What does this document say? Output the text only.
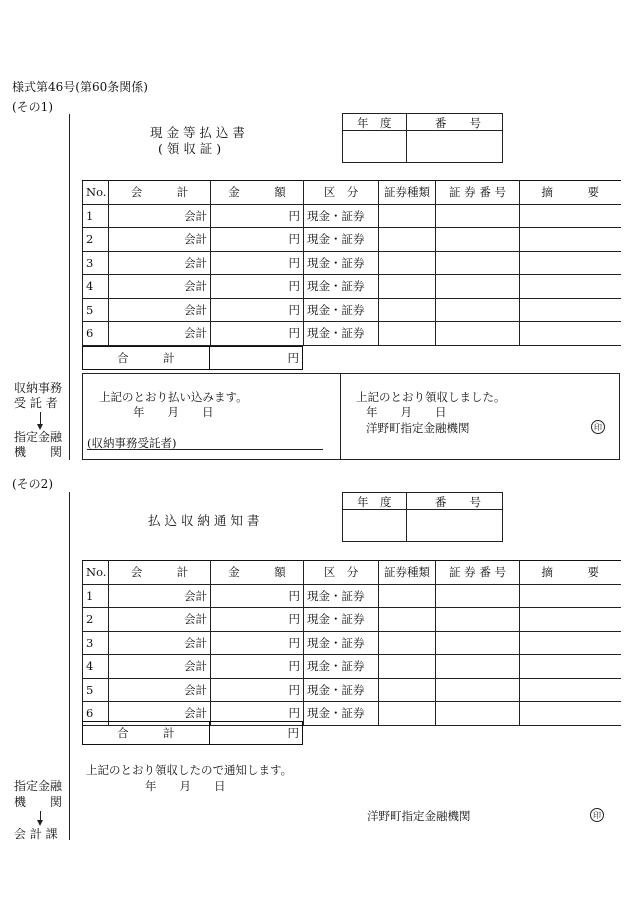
様式第46号(第60条関係)
(その1)
現 金 等 払 込 書
( 領 収 証 )
年　度	番　　号
No.	会　　　計	金　　　額	区　分	証券種類	証 券 番 号	摘　　　要
1	会計	円	現金・証券			
2	会計	円	現金・証券			
3	会計	円	現金・証券			
4	会計	円	現金・証券			
5	会計	円	現金・証券			
6	会計	円	現金・証券			
合　　　計	円
収納事務
受 託 者
指定金融
機　　関
上記のとおり払い込みます。
年　　月　　日
(収納事務受託者)
上記のとおり領収しました。
年　　月　　日
洋野町指定金融機関	印
(その2)
払 込 収 納 通 知 書
年　度	番　　号
No.	会　　　計	金　　　額	区　分	証券種類	証 券 番 号	摘　　　要
1	会計	円	現金・証券			
2	会計	円	現金・証券			
3	会計	円	現金・証券			
4	会計	円	現金・証券			
5	会計	円	現金・証券			
6	会計	円	現金・証券			
合　　　計	円
上記のとおり領収したので通知します。
年　　月　　日
洋野町指定金融機関	印
指定金融
機　　関
会 計 課
